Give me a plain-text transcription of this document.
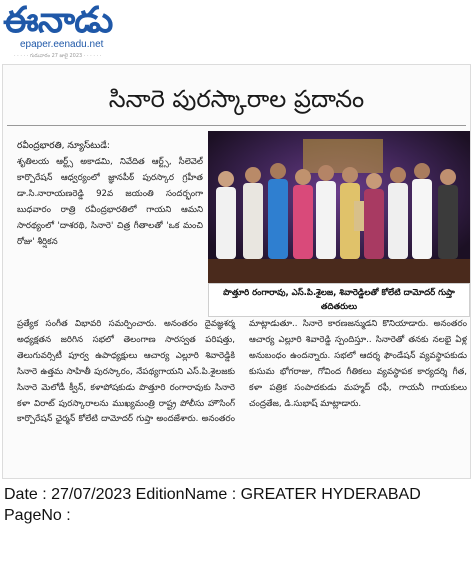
ఈనాడు
epaper.eenadu.net
· · · · · గురువారం 27 జులై 2023 · · · · · ·
సినారె పురస్కారాల ప్రదానం
రవీంద్రభారతి, న్యూస్‌టుడే:
శృతిలయ ఆర్ట్స్ అకాడమి, నివేదిత ఆర్ట్స్, సీలెవెల్ కార్పొరేషన్ ఆధ్వర్యంలో జ్ఞానపీఠ్ పురస్కార గ్రహీత డా.సి.నారాయణరెడ్డి 92వ జయంతి సందర్భంగా బుధవారం రాత్రి రవీంద్రభారతిలో గాయని ఆమని సారథ్యంలో 'దాశరథి, సినారె' చిత్ర గీతాలతో 'ఒక మంచి రోజు' శీర్షికన
ప్రత్యేక సంగీత విభావరి సమర్పించారు. అనంతరం దైవజ్ఞశర్మ అధ్యక్షతన జరిగిన సభలో తెలంగాణ సారస్వత పరిషత్తు, తెలుగువర్సిటీ పూర్వ ఉపాధ్యక్షులు ఆచార్య ఎల్లూరి శివారెడ్డికి సినారె ఉత్తమ సాహితీ పురస్కారం, నేపథ్యగాయని ఎస్.పి.శైలజకు సినారె మెలోడీ క్వీన్, కళాపోషకుడు పొత్తూరి రంగారావుకు సినారె కళా విరాట్ పురస్కారాలను ముఖ్యమంత్రి రాష్ట్ర పోలీసు హౌసింగ్ కార్పొరేషన్ ఛైర్మన్ కోలేటి దామోదర్ గుప్తా అందజేశారు. అనంతరం మాట్లాడుతూ.. సినారె కారణజన్ముడని కొనియాడారు. అనంతరం ఆచార్య ఎల్లూరి శివారెడ్డి స్పందిస్తూ.. సినారెతో తనకు నలభై ఏళ్ల అనుబంధం ఉందన్నారు. సభలో ఆదర్శ ఫౌండేషన్ వ్యవస్థాపకుడు కుసుమ భోగరాజు, గోవింద గీతికలు వ్యవస్థాపక కార్యదర్శి గీత, కళా పత్రిక సంపాదకుడు మహ్మద్ రఫీ, గాయనీ గాయకులు చంద్రతేజ, డి.సుభాష్ మాట్లాడారు.
పొత్తూరి రంగారావు, ఎస్.పి.శైలజ, శివారెడ్డిలతో కోలేటి దామోదర్ గుప్తా తదితరులు
Date : 27/07/2023 EditionName : GREATER HYDERABAD
PageNo :
